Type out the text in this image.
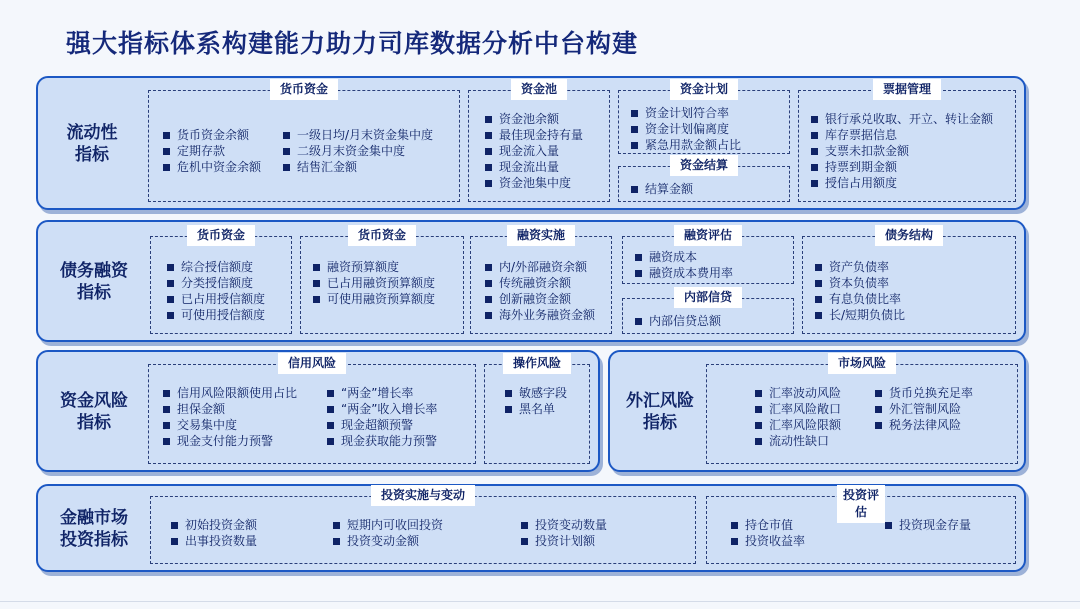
强大指标体系构建能力助力司库数据分析中台构建
流动性
指标
货币资金
货币资金余额
定期存款
危机中资金余额
一级日均/月末资金集中度
二级月末资金集中度
结售汇金额
资金池
资金池余额
最佳现金持有量
现金流入量
现金流出量
资金池集中度
资金计划
资金计划符合率
资金计划偏离度
紧急用款金额占比
资金结算
结算金额
票据管理
银行承兑收取、开立、转让金额
库存票据信息
支票未扣款金额
持票到期金额
授信占用额度
债务融资
指标
货币资金
综合授信额度
分类授信额度
已占用授信额度
可使用授信额度
货币资金
融资预算额度
已占用融资预算额度
可使用融资预算额度
融资实施
内/外部融资余额
传统融资余额
创新融资金额
海外业务融资金额
融资评估
融资成本
融资成本费用率
内部信贷
内部信贷总额
债务结构
资产负债率
资本负债率
有息负债比率
长/短期负债比
资金风险
指标
信用风险
信用风险限额使用占比
担保金额
交易集中度
现金支付能力预警
“两金”增长率
“两金”收入增长率
现金超额预警
现金获取能力预警
操作风险
敏感字段
黑名单	外汇风险
指标
市场风险
汇率波动风险
汇率风险敞口
汇率风险限额
流动性缺口
货币兑换充足率
外汇管制风险
税务法律风险
金融市场
投资指标
投资实施与变动
初始投资金额
出事投资数量
短期内可收回投资
投资变动金额
投资变动数量
投资计划额
投资评估
持仓市值
投资收益率
投资现金存量
